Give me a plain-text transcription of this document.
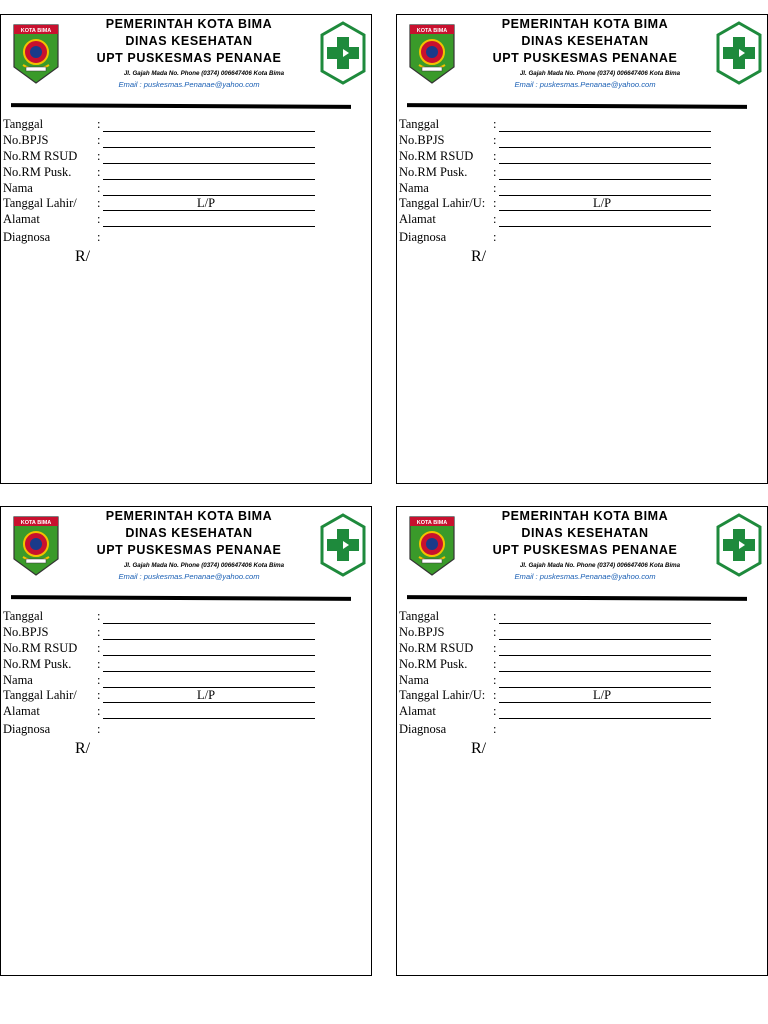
KOTA BIMA	PEMERINTAH KOTA BIMA
DINAS KESEHATAN
UPT PUSKESMAS PENANAE
Jl. Gajah Mada No. Phone (0374) 006647406 Kota Bima
Email : puskesmas.Penanae@yahoo.com
Tanggal	:
No.BPJS	:
No.RM RSUD :
No.RM Pusk. :
Nama	:
Tanggal Lahir/ :	L/P
Alamat	:
Diagnosa	:
R/
KOTA BIMA	PEMERINTAH KOTA BIMA
DINAS KESEHATAN
UPT PUSKESMAS PENANAE
Jl. Gajah Mada No. Phone (0374) 006647406 Kota Bima
Email : puskesmas.Penanae@yahoo.com
Tanggal	:
No.BPJS	:
No.RM RSUD :
No.RM Pusk. :
Nama	:
Tanggal Lahir/U: :	L/P
Alamat	:
Diagnosa	:
R/
KOTA BIMA	PEMERINTAH KOTA BIMA
DINAS KESEHATAN
UPT PUSKESMAS PENANAE
Jl. Gajah Mada No. Phone (0374) 006647406 Kota Bima
Email : puskesmas.Penanae@yahoo.com
Tanggal	:
No.BPJS	:
No.RM RSUD :
No.RM Pusk. :
Nama	:
Tanggal Lahir/ :	L/P
Alamat	:
Diagnosa	:
R/
KOTA BIMA	PEMERINTAH KOTA BIMA
DINAS KESEHATAN
UPT PUSKESMAS PENANAE
Jl. Gajah Mada No. Phone (0374) 006647406 Kota Bima
Email : puskesmas.Penanae@yahoo.com
Tanggal	:
No.BPJS	:
No.RM RSUD :
No.RM Pusk. :
Nama	:
Tanggal Lahir/U: :	L/P
Alamat	:
Diagnosa	:
R/
